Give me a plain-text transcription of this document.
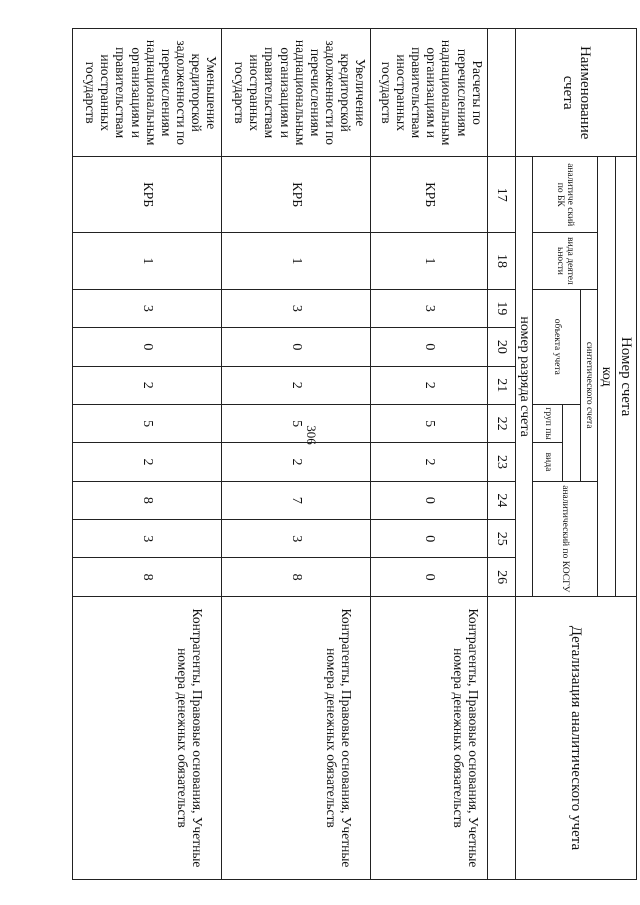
306
Наименование счета	Номер счета										Детализация аналитического учета
	код										
	аналитиче ский по БК	вида деятел ьности	синтетического счета					аналитический по КОСГУ			
			объекта учета								
						груп пы	вида				
	номер разряда счета										
	17	18	19	20	21	22	23	24	25	26	
Расчеты по перечислениям наднациональным организациям и правительствам иностранных государств	КРБ	1	3	0	2	5	2	0	0	0	Контрагенты, Правовые основания, Учетные номера денежных обязательств
Увеличение кредиторской задолженности по перечислениям наднациональным организациям и правительствам иностранных государств	КРБ	1	3	0	2	5	2	7	3	8	Контрагенты, Правовые основания, Учетные номера денежных обязательств
Уменьшение кредиторской задолженности по перечислениям наднациональным организациям и правительствам иностранных государств	КРБ	1	3	0	2	5	2	8	3	8	Контрагенты, Правовые основания, Учетные номера денежных обязательств
